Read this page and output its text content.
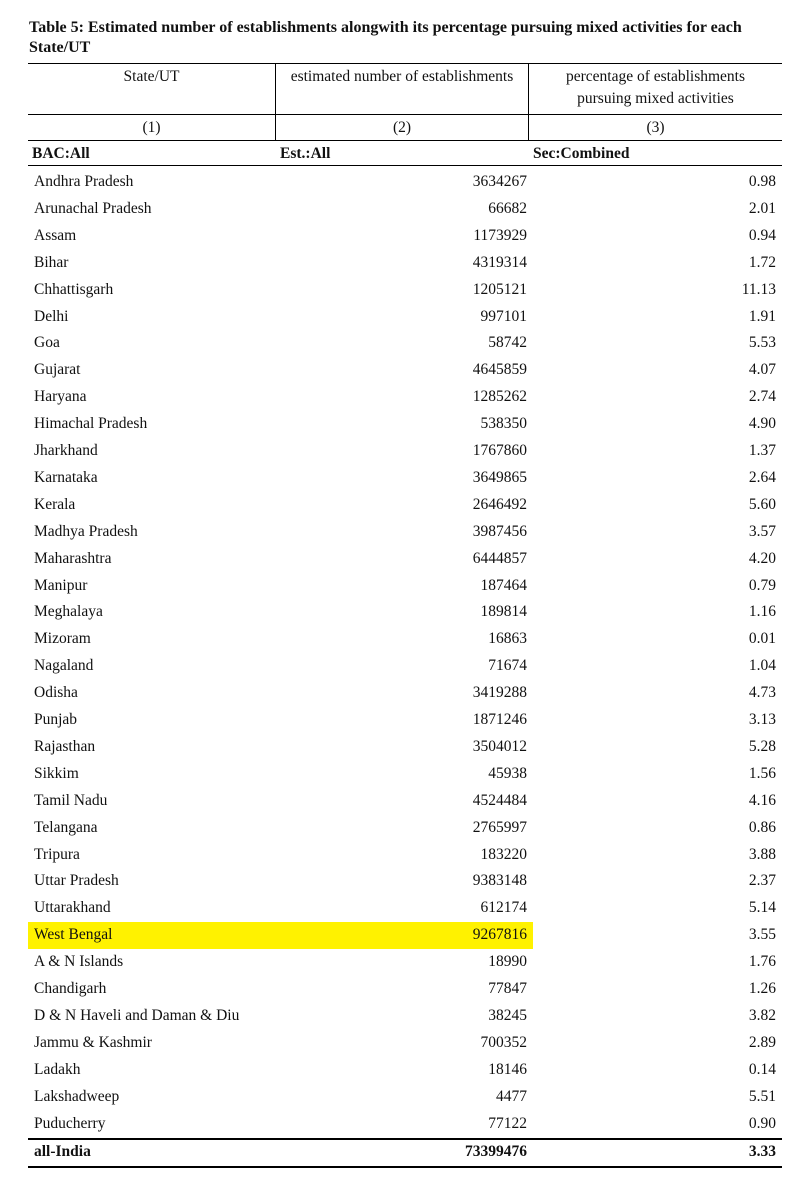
Table 5: Estimated number of establishments alongwith its percentage pursuing mixed activities for each State/UT
State/UT	estimated number of establishments	percentage of establishments
pursuing mixed activities
(1)	(2)	(3)
BAC:All	Est.:All	Sec:Combined
Andhra Pradesh	3634267	0.98
Arunachal Pradesh	66682	2.01
Assam	1173929	0.94
Bihar	4319314	1.72
Chhattisgarh	1205121	11.13
Delhi	997101	1.91
Goa	58742	5.53
Gujarat	4645859	4.07
Haryana	1285262	2.74
Himachal Pradesh	538350	4.90
Jharkhand	1767860	1.37
Karnataka	3649865	2.64
Kerala	2646492	5.60
Madhya Pradesh	3987456	3.57
Maharashtra	6444857	4.20
Manipur	187464	0.79
Meghalaya	189814	1.16
Mizoram	16863	0.01
Nagaland	71674	1.04
Odisha	3419288	4.73
Punjab	1871246	3.13
Rajasthan	3504012	5.28
Sikkim	45938	1.56
Tamil Nadu	4524484	4.16
Telangana	2765997	0.86
Tripura	183220	3.88
Uttar Pradesh	9383148	2.37
Uttarakhand	612174	5.14
West Bengal	9267816	3.55
A & N Islands	18990	1.76
Chandigarh	77847	1.26
D & N Haveli and Daman & Diu	38245	3.82
Jammu & Kashmir	700352	2.89
Ladakh	18146	0.14
Lakshadweep	4477	5.51
Puducherry	77122	0.90
all-India	73399476	3.33
